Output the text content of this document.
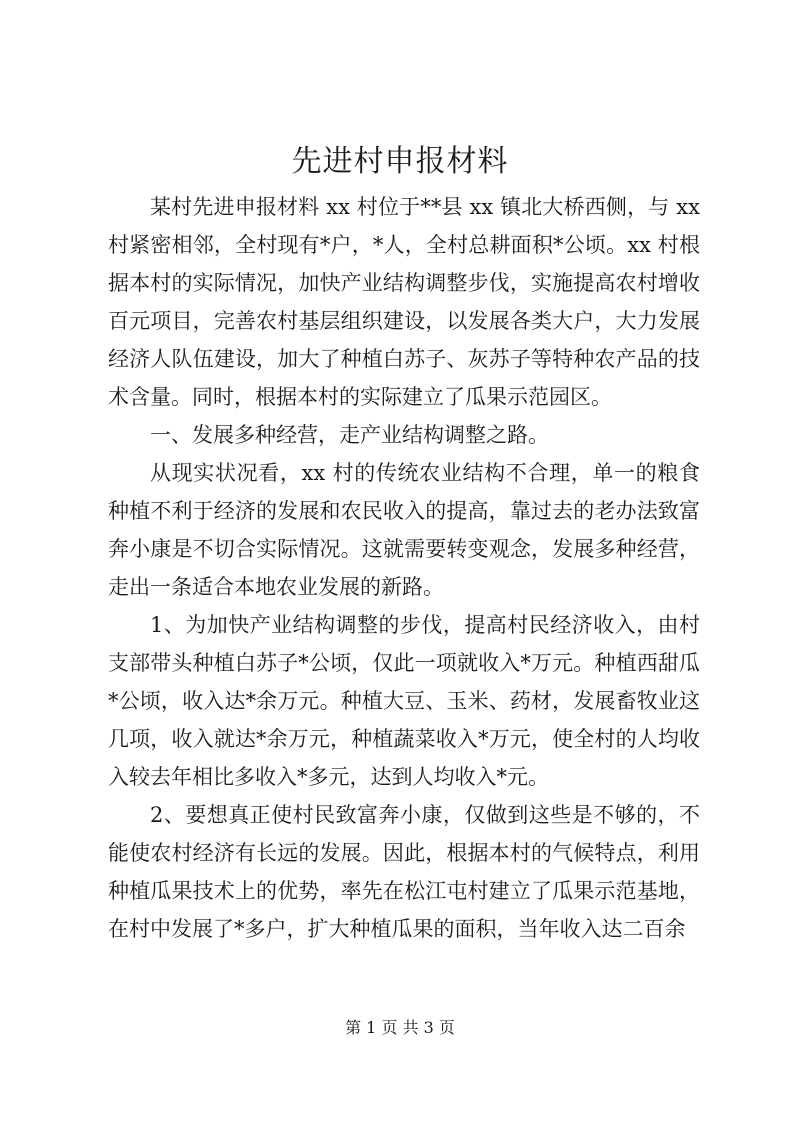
先进村申报材料

某村先进申报材料 xx 村位于**县 xx 镇北大桥西侧，与 xx 村紧密相邻，全村现有*户，*人，全村总耕面积*公顷。xx 村根据本村的实际情况，加快产业结构调整步伐，实施提高农村增收百元项目，完善农村基层组织建设，以发展各类大户，大力发展经济人队伍建设，加大了种植白苏子、灰苏子等特种农产品的技术含量。同时，根据本村的实际建立了瓜果示范园区。

一、发展多种经营，走产业结构调整之路。

从现实状况看，xx 村的传统农业结构不合理，单一的粮食种植不利于经济的发展和农民收入的提高，靠过去的老办法致富奔小康是不切合实际情况。这就需要转变观念，发展多种经营，走出一条适合本地农业发展的新路。

1、为加快产业结构调整的步伐，提高村民经济收入，由村支部带头种植白苏子*公顷，仅此一项就收入*万元。种植西甜瓜*公顷，收入达*余万元。种植大豆、玉米、药材，发展畜牧业这几项，收入就达*余万元，种植蔬菜收入*万元，使全村的人均收入较去年相比多收入*多元，达到人均收入*元。

2、要想真正使村民致富奔小康，仅做到这些是不够的，不能使农村经济有长远的发展。因此，根据本村的气候特点，利用种植瓜果技术上的优势，率先在松江屯村建立了瓜果示范基地，在村中发展了*多户，扩大种植瓜果的面积，当年收入达二百余

第 1 页 共 3 页
